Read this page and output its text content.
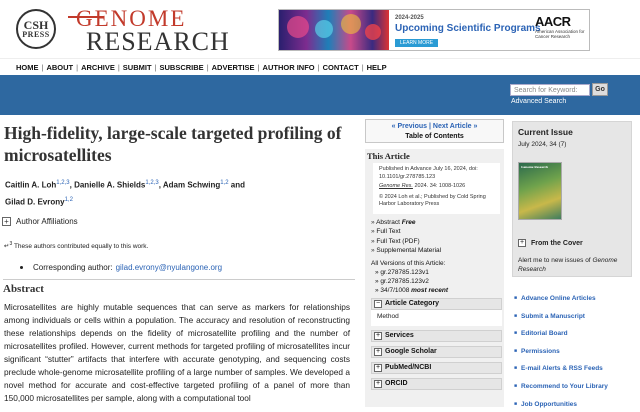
CSH
PRESS
GENOME
RESEARCH
2024-2025
Upcoming Scientific Programs
LEARN MORE
AACR
American Association for Cancer Research
HOME | ABOUT | ARCHIVE | SUBMIT | SUBSCRIBE | ADVERTISE | AUTHOR INFO | CONTACT | HELP
Search for Keyword:	Go
Advanced Search
High-fidelity, large-scale targeted profiling of microsatellites
Caitlin A. Loh$^{1,2,3}$, Danielle A. Shields$^{1,2,3}$, Adam Schwing$^{1,2}$ and
Gilad D. Evrony$^{1,2}$
+ Author Affiliations
↵$^3$ These authors contributed equally to this work.
Corresponding author: gilad.evrony@nyulangone.org
Abstract

Microsatellites are highly mutable sequences that can serve as markers for relationships among individuals or cells within a population. The accuracy and resolution of reconstructing these relationships depends on the fidelity of microsatellite profiling and the number of microsatellites profiled. However, current methods for targeted profiling of microsatellites incur significant “stutter” artifacts that interfere with accurate genotyping, and sequencing costs preclude whole-genome microsatellite profiling of a large number of samples. We developed a novel method for accurate and cost-effective targeted profiling of a panel of more than 150,000 microsatellites per sample, along with a computational tool

« Previous | Next Article »
Table of Contents
This Article
Published in Advance July 16, 2024, doi: 10.1101/gr.278785.123
Genome Res. 2024. 34: 1008-1026
© 2024 Loh et al.; Published by Cold Spring Harbor Laboratory Press
» Abstract Free
» Full Text
» Full Text (PDF)
» Supplemental Material
All Versions of this Article:
» gr.278785.123v1
» gr.278785.123v2
» 34/7/1008 most recent
− Article Category
Method
+ Services
+ Google Scholar
+ PubMed/NCBI
+ ORCID
Current Issue
July 2024, 34 (7)
Genome Research
+ From the Cover
Alert me to new issues of Genome Research
■ Advance Online Articles
■ Submit a Manuscript
■ Editorial Board
■ Permissions
■ E-mail Alerts & RSS Feeds
■ Recommend to Your Library
■ Job Opportunities
